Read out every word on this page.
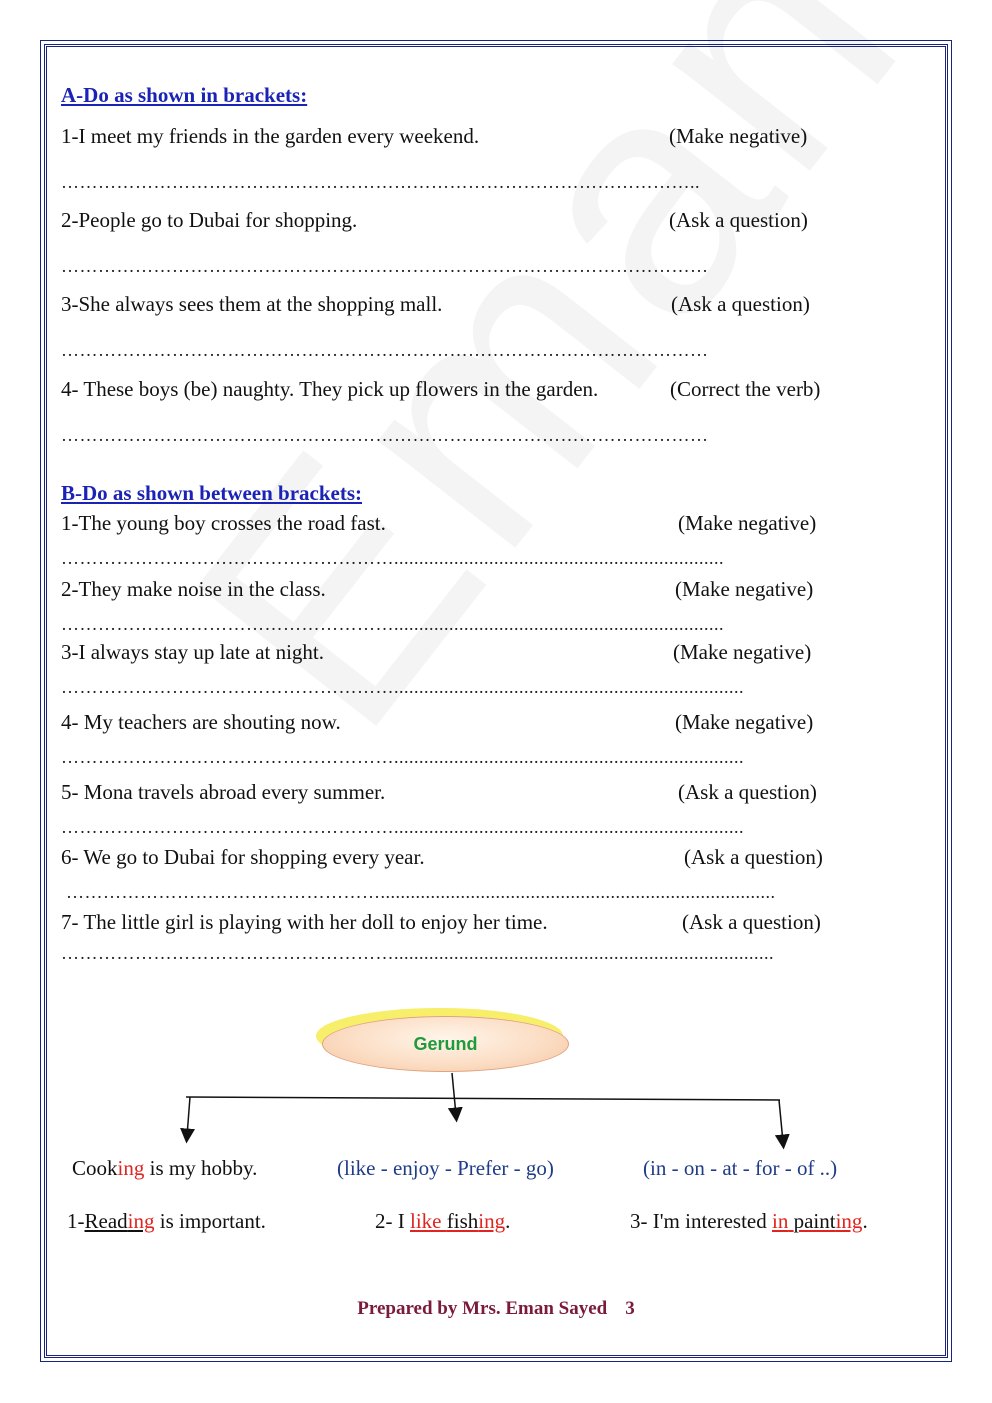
A-Do as shown in brackets:
1-I meet my friends in the garden every weekend.	(Make negative)
…………………………………………………………………………………………..
2-People go to Dubai for shopping.	(Ask a question)
……………………………………………………………………………………………
3-She always sees them at the shopping mall.	(Ask a question)
……………………………………………………………………………………………
4- These boys (be) naughty. They pick up flowers in the garden.	(Correct the verb)
……………………………………………………………………………………………
B-Do as shown between brackets:
1-The young boy crosses the road fast.	(Make negative)
………………………………………………..................................................................
2-They make noise in the class.	(Make negative)
………………………………………………..................................................................
3-I always stay up late at night.	(Make negative)
………………………………………………......................................................................
4- My teachers are shouting now.	(Make negative)
………………………………………………......................................................................
5- Mona travels abroad every summer.	(Ask a question)
………………………………………………......................................................................
6- We go to Dubai for shopping every year.	(Ask a question)
……………………………………………...............................................................................
7- The little girl is playing with her doll to enjoy her time.	(Ask a question)
………………………………………………............................................................................
Gerund
Cooking is my hobby.	(like - enjoy - Prefer - go)	(in - on - at - for - of ..)
1-Reading is important.	2- I like fishing.	3- I'm interested in painting.
Prepared by Mrs. Eman Sayed 3
